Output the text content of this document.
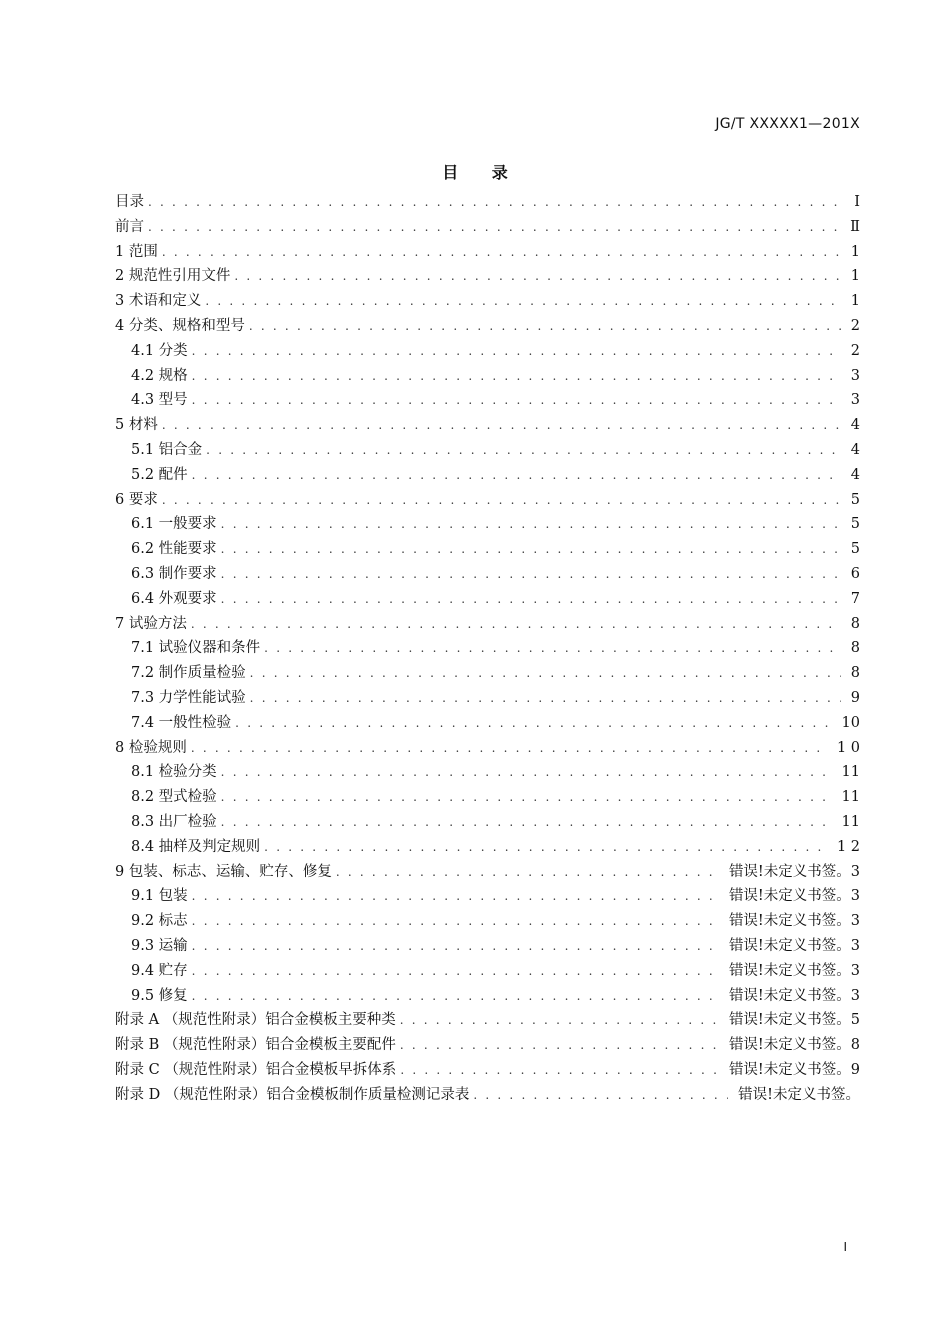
JG/T XXXXX1—201X
目 录
目录 . . .	Ⅰ
前言 . . .	Ⅱ
1 范围 . . .	1
2 规范性引用文件 . . .	1
3 术语和定义 . . .	1
4 分类、规格和型号 . . .	2
4.1 分类 . . .	2
4.2 规格 . . .	3
4.3 型号 . . .	3
5 材料 . . .	4
5.1 铝合金 . . .	4
5.2 配件 . . .	4
6 要求 . . .	5
6.1 一般要求 . . .	5
6.2 性能要求 . . .	5
6.3 制作要求 . . .	6
6.4 外观要求 . . .	7
7 试验方法 . . .	8
7.1 试验仪器和条件 . . .	8
7.2 制作质量检验 . . .	8
7.3 力学性能试验 . . .	9
7.4 一般性检验 . . .	10
8 检验规则 . . .	1 0
8.1 检验分类 . . .	11
8.2 型式检验 . . .	11
8.3 出厂检验 . . .	11
8.4 抽样及判定规则 . . .	1 2
9 包装、标志、运输、贮存、修复 . . .	错误!未定义书签。3
9.1 包装 . . .	错误!未定义书签。3
9.2 标志 . . .	错误!未定义书签。3
9.3 运输 . . .	错误!未定义书签。3
9.4 贮存 . . .	错误!未定义书签。3
9.5 修复 . . .	错误!未定义书签。3
附录 A （规范性附录）铝合金模板主要种类 . . .	错误!未定义书签。5
附录 B （规范性附录）铝合金模板主要配件 . . .	错误!未定义书签。8
附录 C （规范性附录）铝合金模板早拆体系 . . .	错误!未定义书签。9
附录 D （规范性附录）铝合金模板制作质量检测记录表 . . .	错误!未定义书签。
I
